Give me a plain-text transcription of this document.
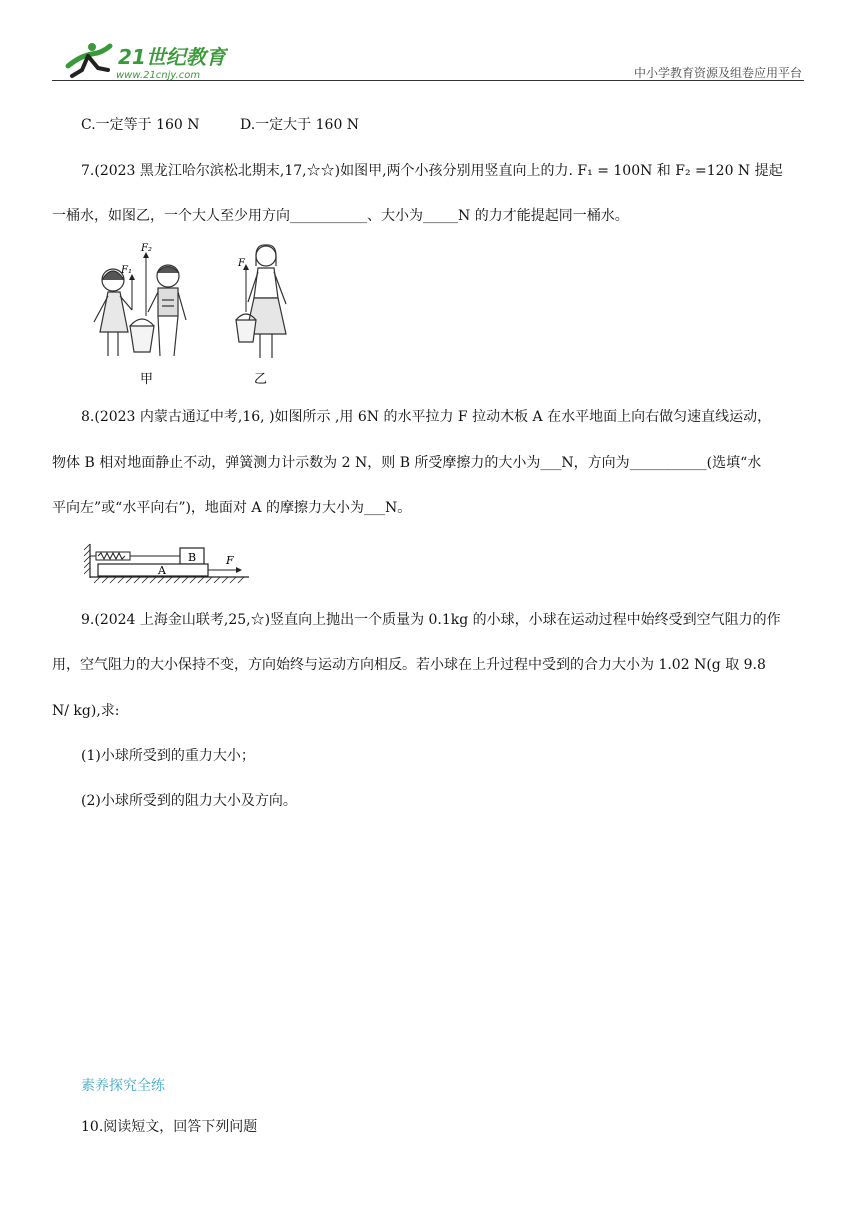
21世纪教育
www.21cnjy.com	中小学教育资源及组卷应用平台
C.一定等于 160 N	D.一定大于 160 N
7.(2023 黑龙江哈尔滨松北期末,17,☆☆)如图甲,两个小孩分别用竖直向上的力. F₁ = 100N 和 F₂ =120 N 提起
一桶水，如图乙，一个大人至少用方向___________、大小为_____N 的力才能提起同一桶水。
F₁
F₂
F
甲	乙
8.(2023 内蒙古通辽中考,16, )如图所示 ,用 6N 的水平拉力 F 拉动木板 A 在水平地面上向右做匀速直线运动，
物体 B 相对地面静止不动，弹簧测力计示数为 2 N，则 B 所受摩擦力的大小为___N，方向为___________(选填“水
平向左”或“水平向右”)，地面对 A 的摩擦力大小为___N。
B
A
F
9.(2024 上海金山联考,25,☆)竖直向上抛出一个质量为 0.1kg 的小球，小球在运动过程中始终受到空气阻力的作
用，空气阻力的大小保持不变，方向始终与运动方向相反。若小球在上升过程中受到的合力大小为 1.02 N(g 取 9.8
N/ kg),求:
(1)小球所受到的重力大小；
(2)小球所受到的阻力大小及方向。
素养探究全练
10.阅读短文，回答下列问题
